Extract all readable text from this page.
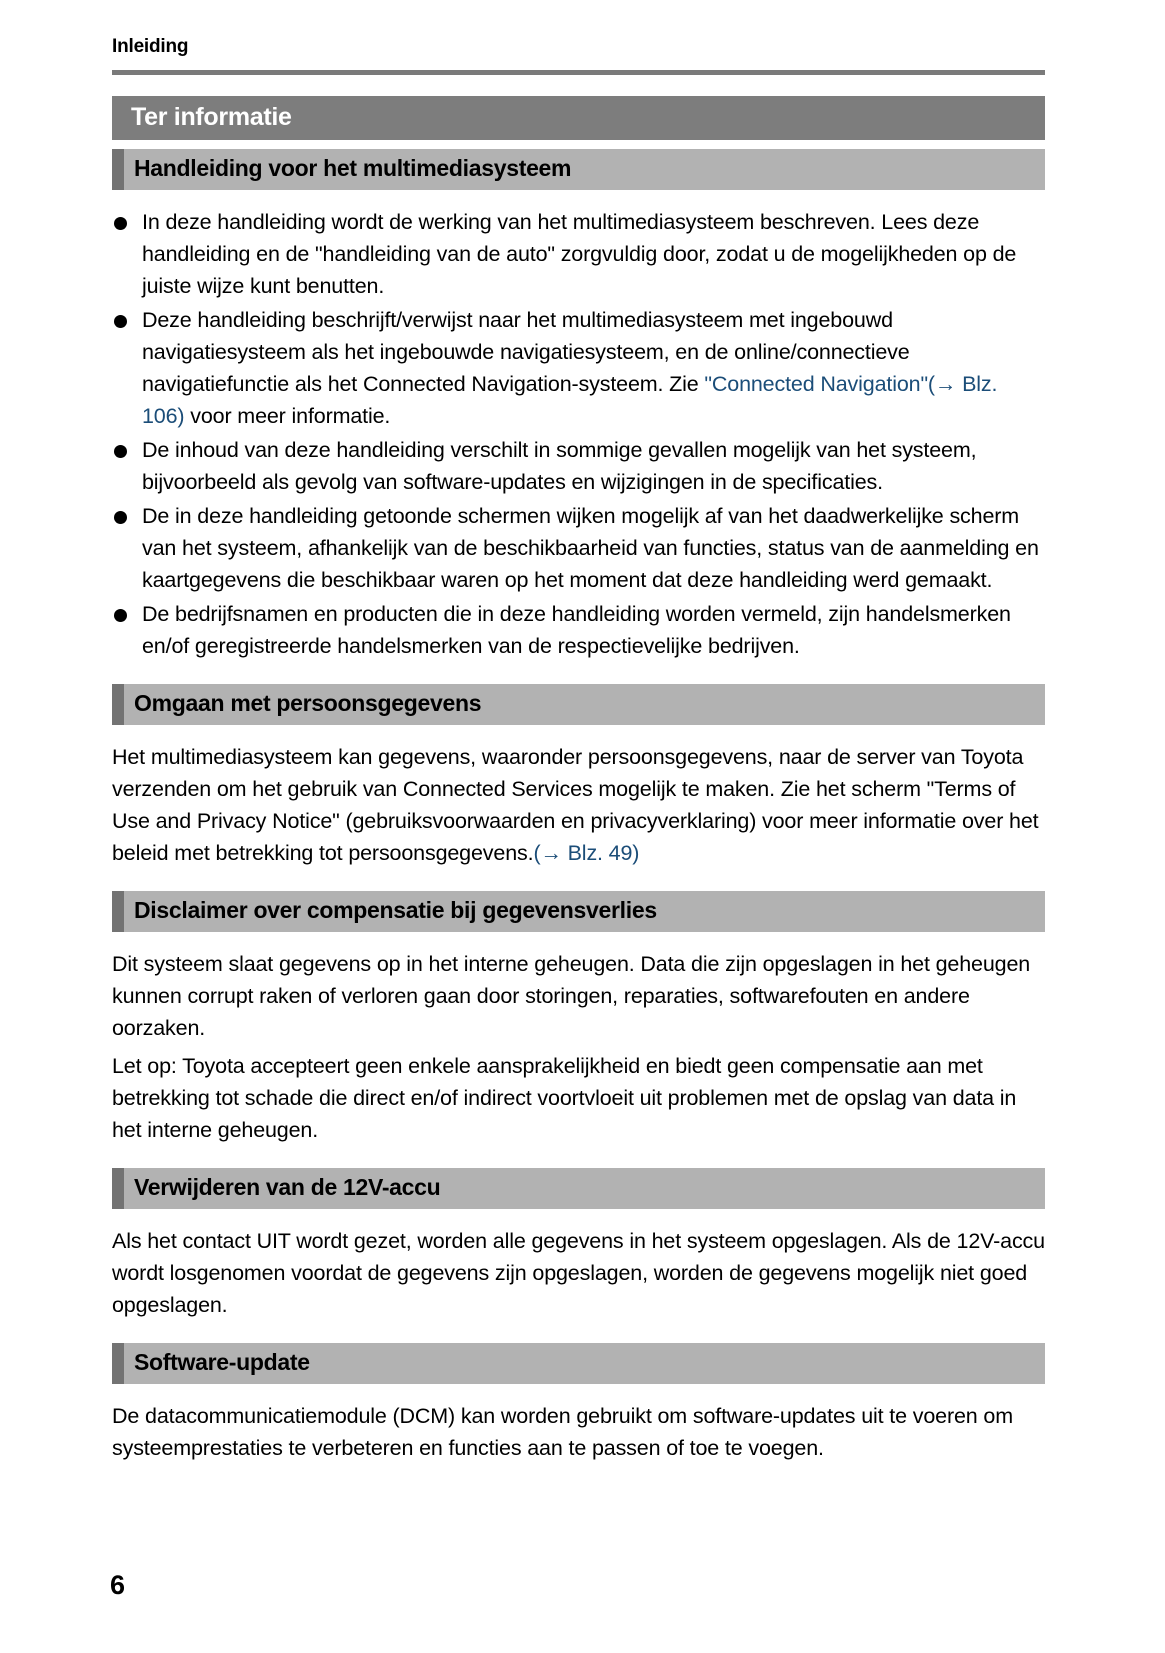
Inleiding
Ter informatie
Handleiding voor het multimediasysteem
In deze handleiding wordt de werking van het multimediasysteem beschreven. Lees deze handleiding en de "handleiding van de auto" zorgvuldig door, zodat u de mogelijkheden op de juiste wijze kunt benutten.
Deze handleiding beschrijft/verwijst naar het multimediasysteem met ingebouwd navigatiesysteem als het ingebouwde navigatiesysteem, en de online/connectieve navigatiefunctie als het Connected Navigation-systeem. Zie "Connected Navigation"(→ Blz. 106) voor meer informatie.
De inhoud van deze handleiding verschilt in sommige gevallen mogelijk van het systeem, bijvoorbeeld als gevolg van software-updates en wijzigingen in de specificaties.
De in deze handleiding getoonde schermen wijken mogelijk af van het daadwerkelijke scherm van het systeem, afhankelijk van de beschikbaarheid van functies, status van de aanmelding en kaartgegevens die beschikbaar waren op het moment dat deze handleiding werd gemaakt.
De bedrijfsnamen en producten die in deze handleiding worden vermeld, zijn handelsmerken en/of geregistreerde handelsmerken van de respectievelijke bedrijven.
Omgaan met persoonsgegevens

Het multimediasysteem kan gegevens, waaronder persoonsgegevens, naar de server van Toyota verzenden om het gebruik van Connected Services mogelijk te maken. Zie het scherm "Terms of Use and Privacy Notice" (gebruiksvoorwaarden en privacyverklaring) voor meer informatie over het beleid met betrekking tot persoonsgegevens.(→ Blz. 49)

Disclaimer over compensatie bij gegevensverlies

Dit systeem slaat gegevens op in het interne geheugen. Data die zijn opgeslagen in het geheugen kunnen corrupt raken of verloren gaan door storingen, reparaties, softwarefouten en andere oorzaken.

Let op: Toyota accepteert geen enkele aansprakelijkheid en biedt geen compensatie aan met betrekking tot schade die direct en/of indirect voortvloeit uit problemen met de opslag van data in het interne geheugen.

Verwijderen van de 12V-accu

Als het contact UIT wordt gezet, worden alle gegevens in het systeem opgeslagen. Als de 12V-accu wordt losgenomen voordat de gegevens zijn opgeslagen, worden de gegevens mogelijk niet goed opgeslagen.

Software-update

De datacommunicatiemodule (DCM) kan worden gebruikt om software-updates uit te voeren om systeemprestaties te verbeteren en functies aan te passen of toe te voegen.

6
